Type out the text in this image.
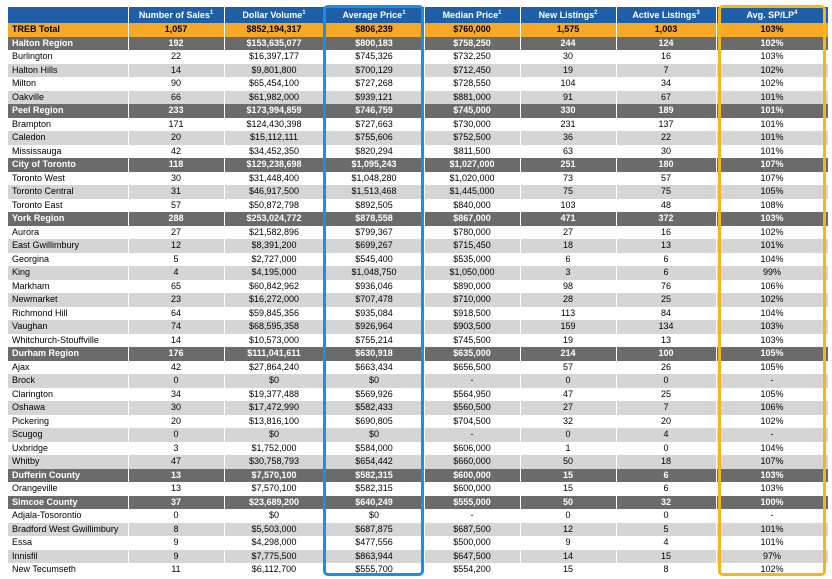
	Number of Sales$^1$	Dollar Volume$^1$	Average Price$^1$	Median Price$^1$	New Listings$^2$	Active Listings$^3$	Avg. $SP/LP^4$
TREB Total	1,057	$852,194,317	$806,239	$760,000	1,575	1,003	103%
Halton Region	192	$153,635,077	$800,183	$758,250	244	124	102%
Burlington	22	$16,397,177	$745,326	$732,250	30	16	103%
Halton Hills	14	$9,801,800	$700,129	$712,450	19	7	102%
Milton	90	$65,454,100	$727,268	$728,550	104	34	102%
Oakville	66	$61,982,000	$939,121	$881,000	91	67	101%
Peel Region	233	$173,994,859	$746,759	$745,000	330	189	101%
Brampton	171	$124,430,398	$727,663	$730,000	231	137	101%
Caledon	20	$15,112,111	$755,606	$752,500	36	22	101%
Mississauga	42	$34,452,350	$820,294	$811,500	63	30	101%
City of Toronto	118	$129,238,698	$1,095,243	$1,027,000	251	180	107%
Toronto West	30	$31,448,400	$1,048,280	$1,020,000	73	57	107%
Toronto Central	31	$46,917,500	$1,513,468	$1,445,000	75	75	105%
Toronto East	57	$50,872,798	$892,505	$840,000	103	48	108%
York Region	288	$253,024,772	$878,558	$867,000	471	372	103%
Aurora	27	$21,582,896	$799,367	$780,000	27	16	102%
East Gwillimbury	12	$8,391,200	$699,267	$715,450	18	13	101%
Georgina	5	$2,727,000	$545,400	$535,000	6	6	104%
King	4	$4,195,000	$1,048,750	$1,050,000	3	6	99%
Markham	65	$60,842,962	$936,046	$890,000	98	76	106%
Newmarket	23	$16,272,000	$707,478	$710,000	28	25	102%
Richmond Hill	64	$59,845,356	$935,084	$918,500	113	84	104%
Vaughan	74	$68,595,358	$926,964	$903,500	159	134	103%
Whitchurch-Stouffville	14	$10,573,000	$755,214	$745,500	19	13	103%
Durham Region	176	$111,041,611	$630,918	$635,000	214	100	105%
Ajax	42	$27,864,240	$663,434	$656,500	57	26	105%
Brock	0	$0	$0	-	0	0	-
Clarington	34	$19,377,488	$569,926	$564,950	47	25	105%
Oshawa	30	$17,472,990	$582,433	$560,500	27	7	106%
Pickering	20	$13,816,100	$690,805	$704,500	32	20	102%
Scugog	0	$0	$0	-	0	4	-
Uxbridge	3	$1,752,000	$584,000	$606,000	1	0	104%
Whitby	47	$30,758,793	$654,442	$660,000	50	18	107%
Dufferin County	13	$7,570,100	$582,315	$600,000	15	6	103%
Orangeville	13	$7,570,100	$582,315	$600,000	15	6	103%
Simcoe County	37	$23,689,200	$640,249	$555,000	50	32	100%
Adjala-Tosorontio	0	$0	$0	-	0	0	-
Bradford West Gwillimbury	8	$5,503,000	$687,875	$687,500	12	5	101%
Essa	9	$4,298,000	$477,556	$500,000	9	4	101%
Innisfil	9	$7,775,500	$863,944	$647,500	14	15	97%
New Tecumseth	11	$6,112,700	$555,700	$554,200	15	8	102%
